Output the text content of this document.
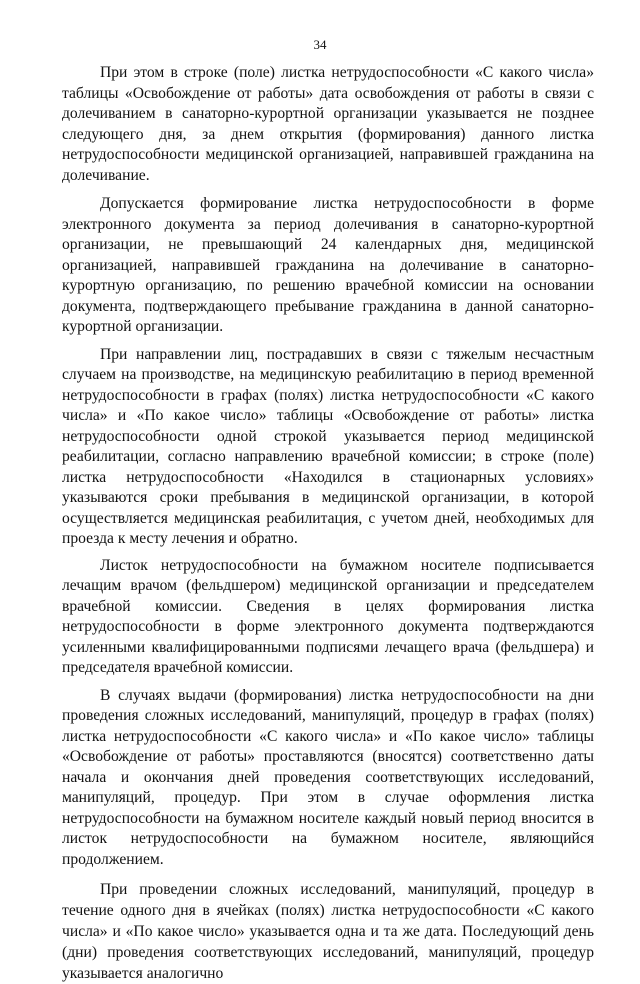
34

При этом в строке (поле) листка нетрудоспособности «С какого числа» таблицы «Освобождение от работы» дата освобождения от работы в связи с долечиванием в санаторно-курортной организации указывается не позднее следующего дня, за днем открытия (формирования) данного листка нетрудоспособности медицинской организацией, направившей гражданина на долечивание.

Допускается формирование листка нетрудоспособности в форме электронного документа за период долечивания в санаторно-курортной организации, не превышающий 24 календарных дня, медицинской организацией, направившей гражданина на долечивание в санаторно-курортную организацию, по решению врачебной комиссии на основании документа, подтверждающего пребывание гражданина в данной санаторно-курортной организации.

При направлении лиц, пострадавших в связи с тяжелым несчастным случаем на производстве, на медицинскую реабилитацию в период временной нетрудоспособности в графах (полях) листка нетрудоспособности «С какого числа» и «По какое число» таблицы «Освобождение от работы» листка нетрудоспособности одной строкой указывается период медицинской реабилитации, согласно направлению врачебной комиссии; в строке (поле) листка нетрудоспособности «Находился в стационарных условиях» указываются сроки пребывания в медицинской организации, в которой осуществляется медицинская реабилитация, с учетом дней, необходимых для проезда к месту лечения и обратно.

Листок нетрудоспособности на бумажном носителе подписывается лечащим врачом (фельдшером) медицинской организации и председателем врачебной комиссии. Сведения в целях формирования листка нетрудоспособности в форме электронного документа подтверждаются усиленными квалифицированными подписями лечащего врача (фельдшера) и председателя врачебной комиссии.

В случаях выдачи (формирования) листка нетрудоспособности на дни проведения сложных исследований, манипуляций, процедур в графах (полях) листка нетрудоспособности «С какого числа» и «По какое число» таблицы «Освобождение от работы» проставляются (вносятся) соответственно даты начала и окончания дней проведения соответствующих исследований, манипуляций, процедур. При этом в случае оформления листка нетрудоспособности на бумажном носителе каждый новый период вносится в листок нетрудоспособности на бумажном носителе, являющийся продолжением.

При проведении сложных исследований, манипуляций, процедур в течение одного дня в ячейках (полях) листка нетрудоспособности «С какого числа» и «По какое число» указывается одна и та же дата. Последующий день (дни) проведения соответствующих исследований, манипуляций, процедур указывается аналогично
